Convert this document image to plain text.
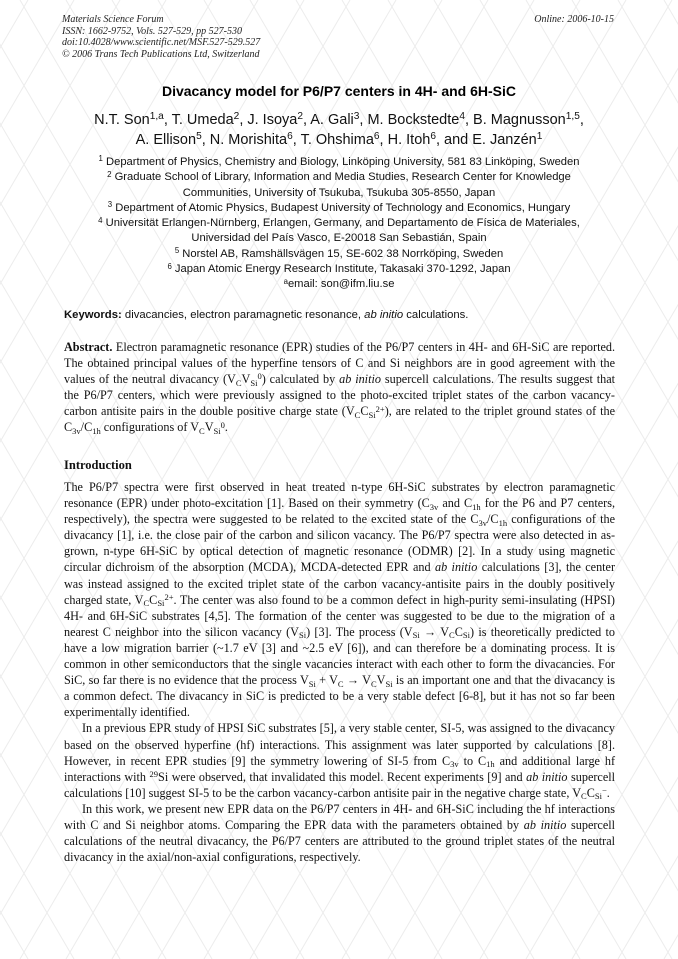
Materials Science Forum
ISSN: 1662-9752, Vols. 527-529, pp 527-530
doi:10.4028/www.scientific.net/MSF.527-529.527
© 2006 Trans Tech Publications Ltd, Switzerland
Online: 2006-10-15
Divacancy model for P6/P7 centers in 4H- and 6H-SiC
N.T. Son$^{1,a}$, T. Umeda$^2$, J. Isoya$^2$, A. Gali$^3$, M. Bockstedte$^4$, B. Magnusson$^{1,5}$,
A. Ellison$^5$, N. Morishita$^6$, T. Ohshima$^6$, H. Itoh$^6$, and E. Janzén$^1$
$^1$ Department of Physics, Chemistry and Biology, Linköping University, 581 83 Linköping, Sweden
$^2$ Graduate School of Library, Information and Media Studies, Research Center for Knowledge
Communities, University of Tsukuba, Tsukuba 305-8550, Japan
$^3$ Department of Atomic Physics, Budapest University of Technology and Economics, Hungary
$^4$ Universität Erlangen-Nürnberg, Erlangen, Germany, and Departamento de Física de Materiales,
Universidad del País Vasco, E-20018 San Sebastián, Spain
$^5$ Norstel AB, Ramshällsvägen 15, SE-602 38 Norrköping, Sweden
$^6$ Japan Atomic Energy Research Institute, Takasaki 370-1292, Japan
$^a$email: son@ifm.liu.se
Keywords: divacancies, electron paramagnetic resonance, ab initio calculations.
Abstract. Electron paramagnetic resonance (EPR) studies of the P6/P7 centers in 4H- and 6H-SiC are reported. The obtained principal values of the hyperfine tensors of C and Si neighbors are in good agreement with the values of the neutral divacancy $(V_CV_{Si}^0)$ calculated by ab initio supercell calculations. The results suggest that the P6/P7 centers, which were previously assigned to the photo-excited triplet states of the carbon vacancy-carbon antisite pairs in the double positive charge state $(V_CC_{Si}^{2+})$, are related to the triplet ground states of the $C_{3v}/C_{1h}$ configurations of $V_CV_{Si}^0$.
Introduction

The P6/P7 spectra were first observed in heat treated n-type 6H-SiC substrates by electron paramagnetic resonance (EPR) under photo-excitation [1]. Based on their symmetry ($C_{3v}$ and $C_{1h}$ for the P6 and P7 centers, respectively), the spectra were suggested to be related to the excited state of the $C_{3v}/C_{1h}$ configurations of the divacancy [1], i.e. the close pair of the carbon and silicon vacancy. The P6/P7 spectra were also detected in as-grown, n-type 6H-SiC by optical detection of magnetic resonance (ODMR) [2]. In a study using magnetic circular dichroism of the absorption (MCDA), MCDA-detected EPR and ab initio calculations [3], the center was instead assigned to the excited triplet state of the carbon vacancy-antisite pairs in the doubly positively charged state, $V_CC_{Si}^{2+}$. The center was also found to be a common defect in high-purity semi-insulating (HPSI) 4H- and 6H-SiC substrates [4,5]. The formation of the center was suggested to be due to the migration of a nearest C neighbor into the silicon vacancy $(V_{Si})$ [3]. The process $(V_{Si} \to V_CC_{Si})$ is theoretically predicted to have a low migration barrier (~1.7 eV [3] and ~2.5 eV [6]), and can therefore be a dominating process. It is common in other semiconductors that the single vacancies interact with each other to form the divacancies. For SiC, so far there is no evidence that the process $V_{Si} + V_C \to V_CV_{Si}$ is an important one and that the divacancy is a common defect. The divacancy in SiC is predicted to be a very stable defect [6-8], but it has not so far been experimentally identified.

In a previous EPR study of HPSI SiC substrates [5], a very stable center, SI-5, was assigned to the divacancy based on the observed hyperfine (hf) interactions. This assignment was later supported by calculations [8]. However, in recent EPR studies [9] the symmetry lowering of SI-5 from $C_{3v}$ to $C_{1h}$ and additional large hf interactions with $^{29}$Si were observed, that invalidated this model. Recent experiments [9] and ab initio supercell calculations [10] suggest SI-5 to be the carbon vacancy-carbon antisite pair in the negative charge state, $V_CC_{Si}^-$.

In this work, we present new EPR data on the P6/P7 centers in 4H- and 6H-SiC including the hf interactions with C and Si neighbor atoms. Comparing the EPR data with the parameters obtained by ab initio supercell calculations of the neutral divacancy, the P6/P7 centers are attributed to the ground triplet states of the neutral divacancy in the axial/non-axial configurations, respectively.
